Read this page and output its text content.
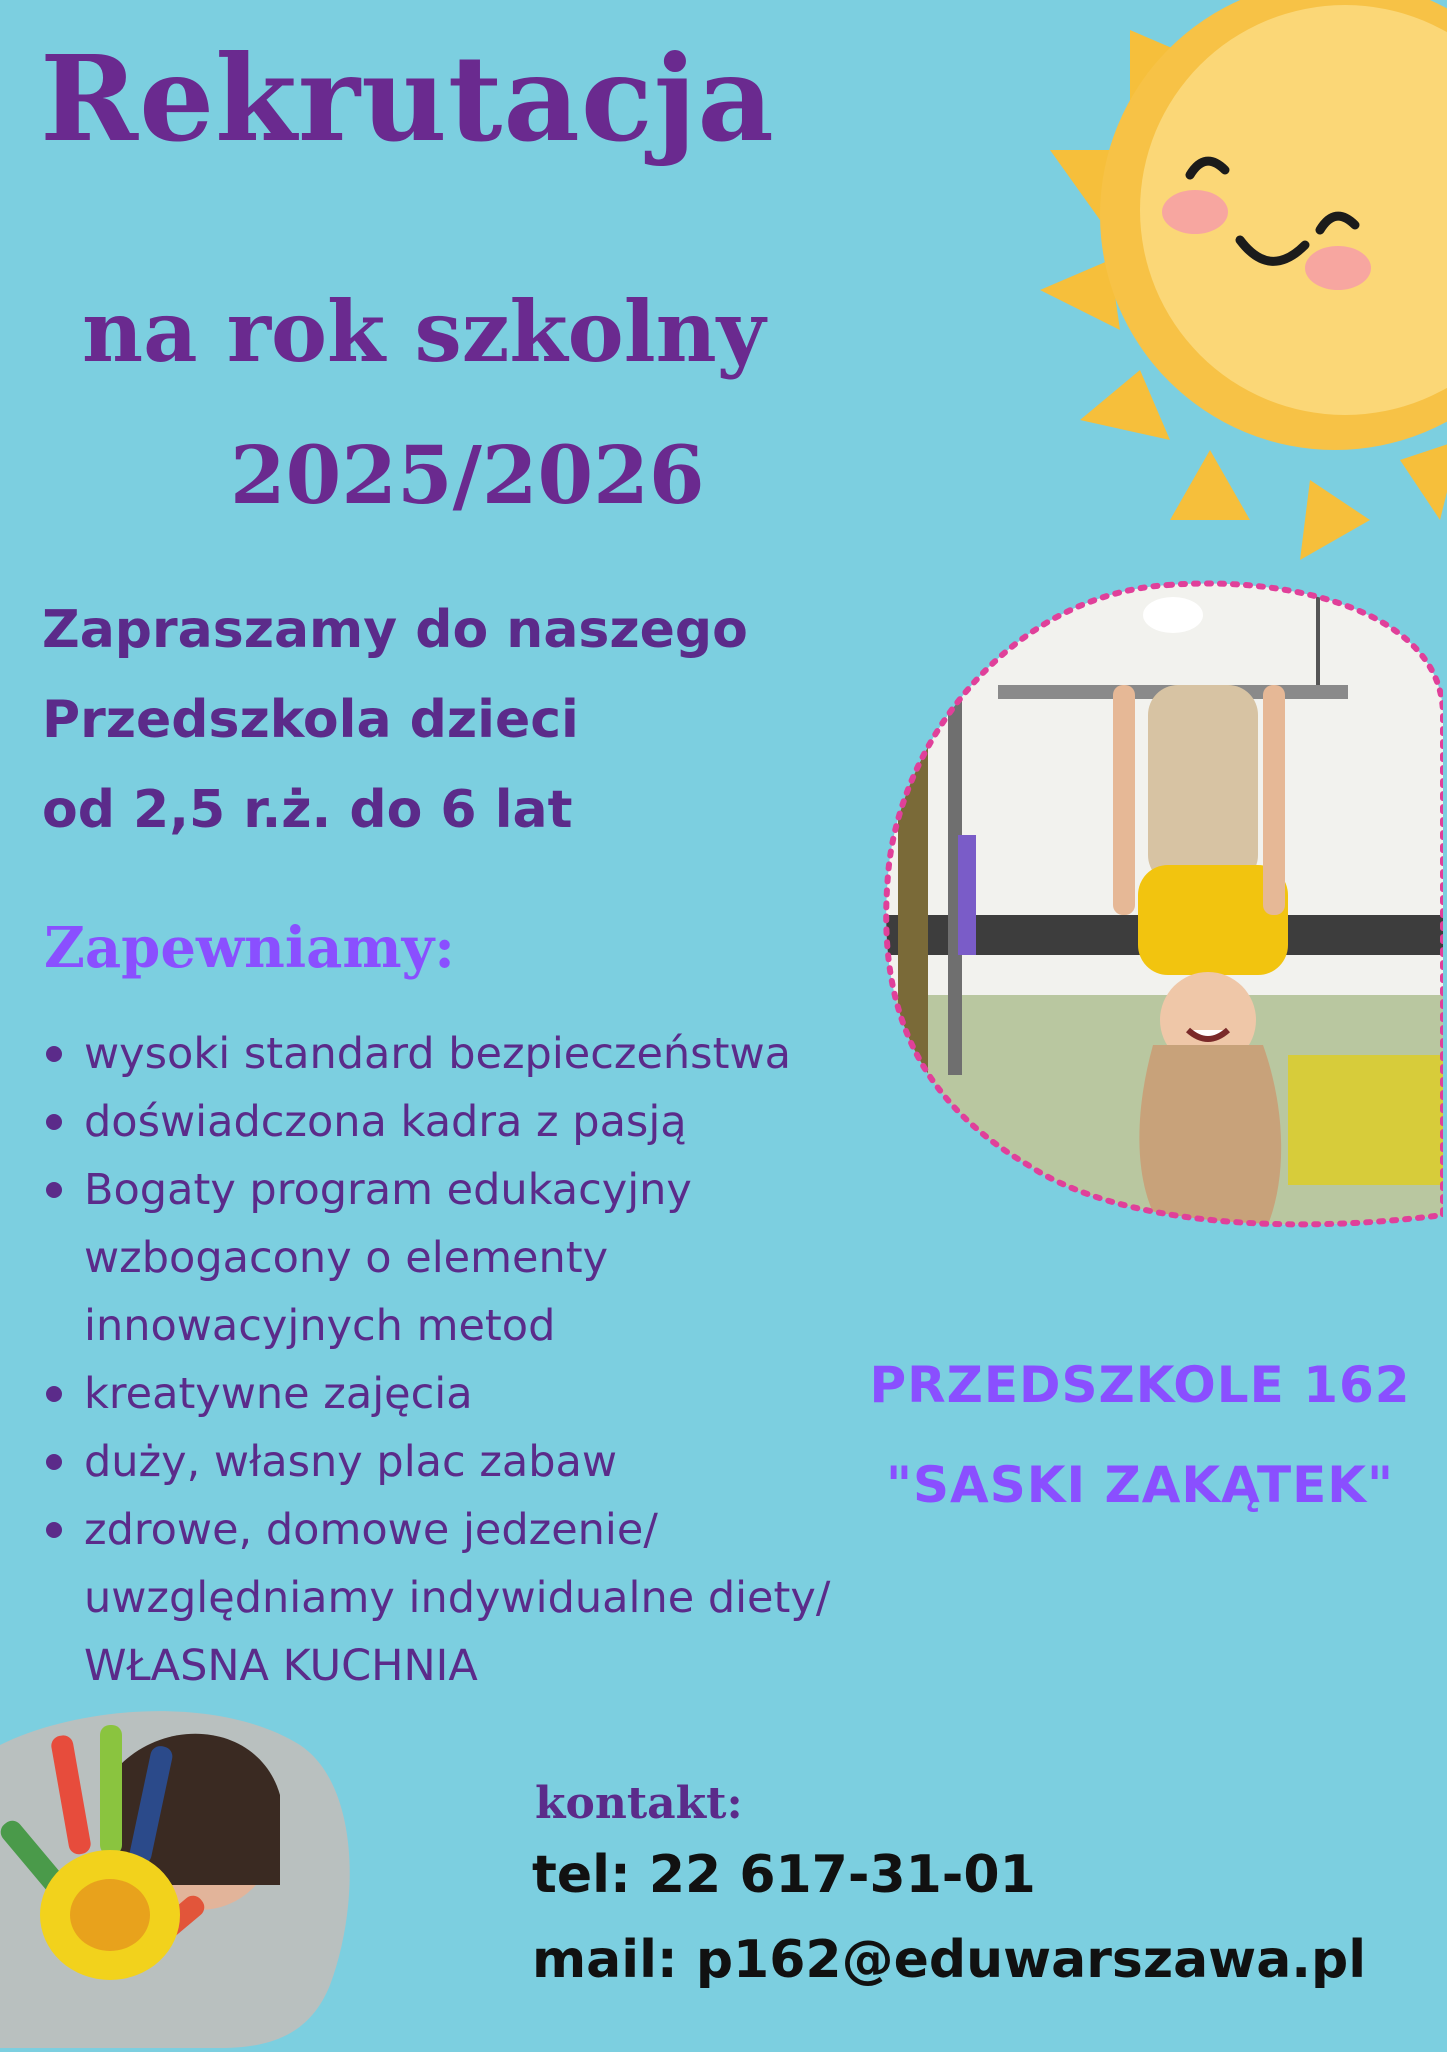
Rekrutacja
na rok szkolny
2025/2026
Zapraszamy do naszego
Przedszkola dzieci
od 2,5 r.ż. do 6 lat
Zapewniamy:
wysoki standard bezpieczeństwa
doświadczona kadra z pasją
Bogaty program edukacyjny
wzbogacony o elementy
innowacyjnych metod
kreatywne zajęcia
duży, własny plac zabaw
zdrowe, domowe jedzenie/
uwzględniamy indywidualne diety/
WŁASNA KUCHNIA
PRZEDSZKOLE 162
"SASKI ZAKĄTEK"
kontakt:
tel: 22 617-31-01
mail: p162@eduwarszawa.pl
